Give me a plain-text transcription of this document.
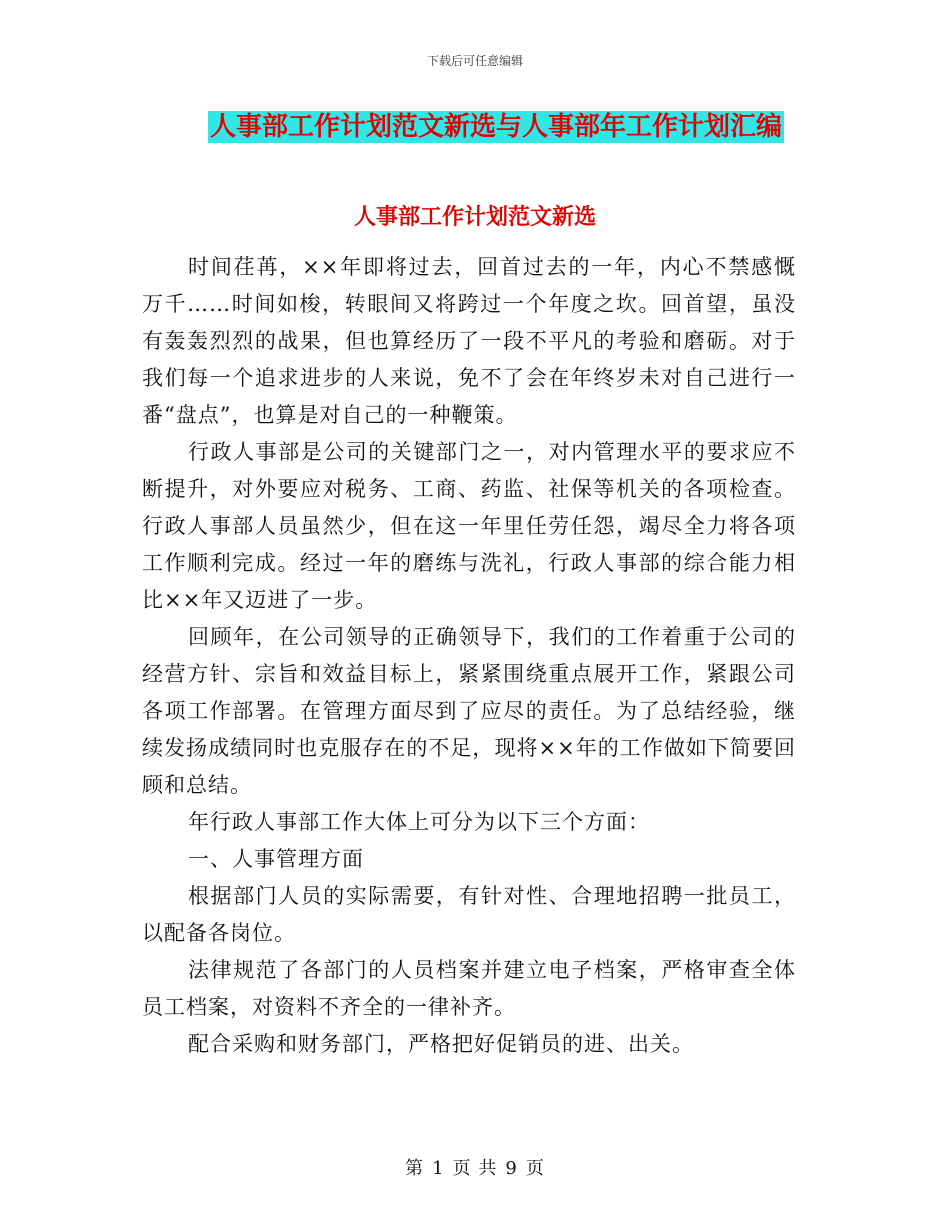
下载后可任意编辑
人事部工作计划范文新选与人事部年工作计划汇编
人事部工作计划范文新选

时间荏苒，××年即将过去，回首过去的一年，内心不禁感慨万千……时间如梭，转眼间又将跨过一个年度之坎。回首望，虽没有轰轰烈烈的战果，但也算经历了一段不平凡的考验和磨砺。对于我们每一个追求进步的人来说，免不了会在年终岁未对自己进行一番“盘点”，也算是对自己的一种鞭策。

行政人事部是公司的关键部门之一，对内管理水平的要求应不断提升，对外要应对税务、工商、药监、社保等机关的各项检查。行政人事部人员虽然少，但在这一年里任劳任怨，竭尽全力将各项工作顺利完成。经过一年的磨练与洗礼，行政人事部的综合能力相比××年又迈进了一步。

回顾年，在公司领导的正确领导下，我们的工作着重于公司的经营方针、宗旨和效益目标上，紧紧围绕重点展开工作，紧跟公司各项工作部署。在管理方面尽到了应尽的责任。为了总结经验，继续发扬成绩同时也克服存在的不足，现将××年的工作做如下简要回顾和总结。

年行政人事部工作大体上可分为以下三个方面：

一、人事管理方面

根据部门人员的实际需要，有针对性、合理地招聘一批员工，以配备各岗位。

法律规范了各部门的人员档案并建立电子档案，严格审查全体员工档案，对资料不齐全的一律补齐。

配合采购和财务部门，严格把好促销员的进、出关。

第 1 页 共 9 页
